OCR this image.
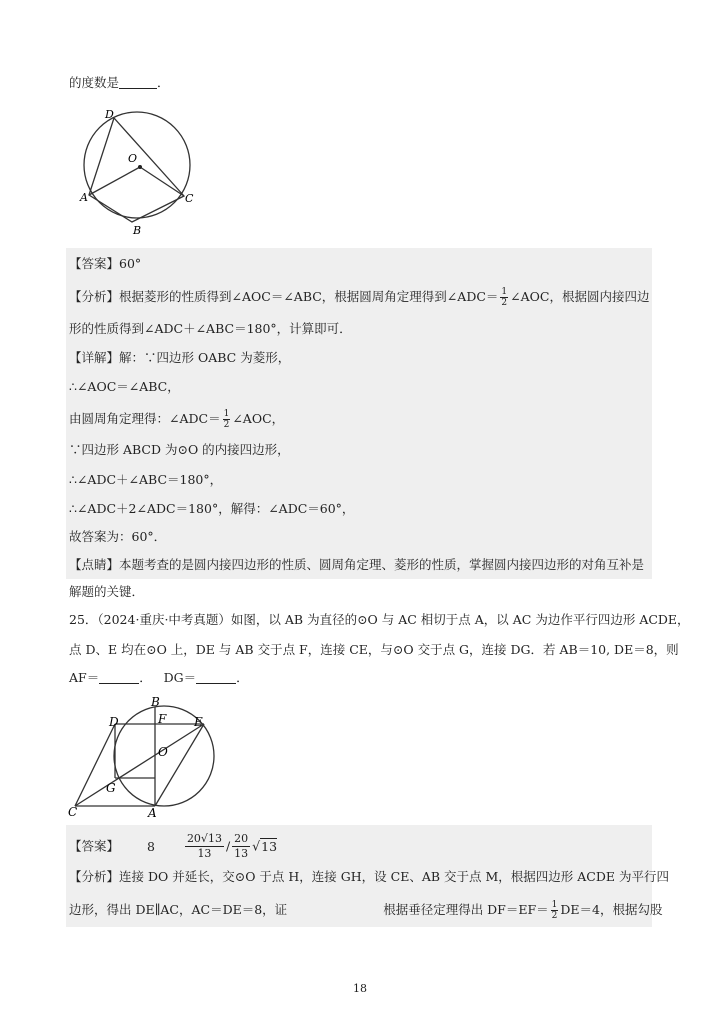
的度数是	．
D
O
A	C
B
【答案】60°
【分析】根据菱形的性质得到∠AOC＝∠ABC，根据圆周角定理得到∠ADC＝ $\frac{1}{2}$ ∠AOC，根据圆内接四边
形的性质得到∠ADC＋∠ABC＝180°，计算即可．
【详解】解：∵四边形 OABC 为菱形，
∴∠AOC＝∠ABC，
由圆周角定理得：∠ADC＝ $\frac{1}{2}$ ∠AOC，
∵四边形 ABCD 为⊙O 的内接四边形，
∴∠ADC＋∠ABC＝180°，
∴∠ADC＋2∠ADC＝180°，解得：∠ADC＝60°，
故答案为：60°．
【点睛】本题考查的是圆内接四边形的性质、圆周角定理、菱形的性质，掌握圆内接四边形的对角互补是
解题的关键．
25．（2024·重庆·中考真题）如图，以 AB 为直径的⊙O 与 AC 相切于点 A，以 AC 为边作平行四边形 ACDE，
点 D、E 均在⊙O 上，DE 与 AB 交于点 F，连接 CE，与⊙O 交于点 G，连接 DG．若 AB＝10, DE＝8，则
AF＝	． DG＝	．
B
D	F E
O
G
C	A
【答案】 8	$\frac{20√13}{13} / \frac{20}{13} √13$
【分析】连接 DO 并延长，交⊙O 于点 H，连接 GH，设 CE、AB 交于点 M，根据四边形 ACDE 为平行四
边形，得出 DE∥AC，AC＝DE＝8，证	根据垂径定理得出 $DF=EF= \frac{1}{2} DE=4$，根据勾股
18
